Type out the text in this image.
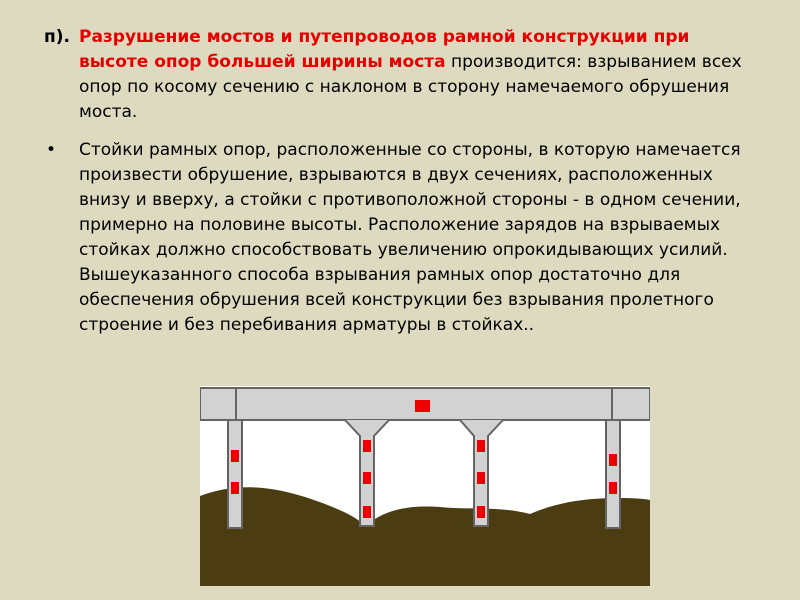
п). Разрушение мостов и путепроводов рамной конструкции при высоте опор большей ширины моста производится: взрыванием всех опор по косому сечению с наклоном в сторону намечаемого обрушения моста.
•	Стойки рамных опор, расположенные со стороны, в которую намечается произвести обрушение, взрываются в двух сечениях, расположенных внизу и вверху, а стойки с противоположной стороны - в одном сечении, примерно на половине высоты. Расположение зарядов на взрываемых стойках должно способствовать увеличению опрокидывающих усилий. Вышеуказанного способа взрывания рамных опор достаточно для обеспечения обрушения всей конструкции без взрывания пролетного строение и без перебивания арматуры в стойках..
